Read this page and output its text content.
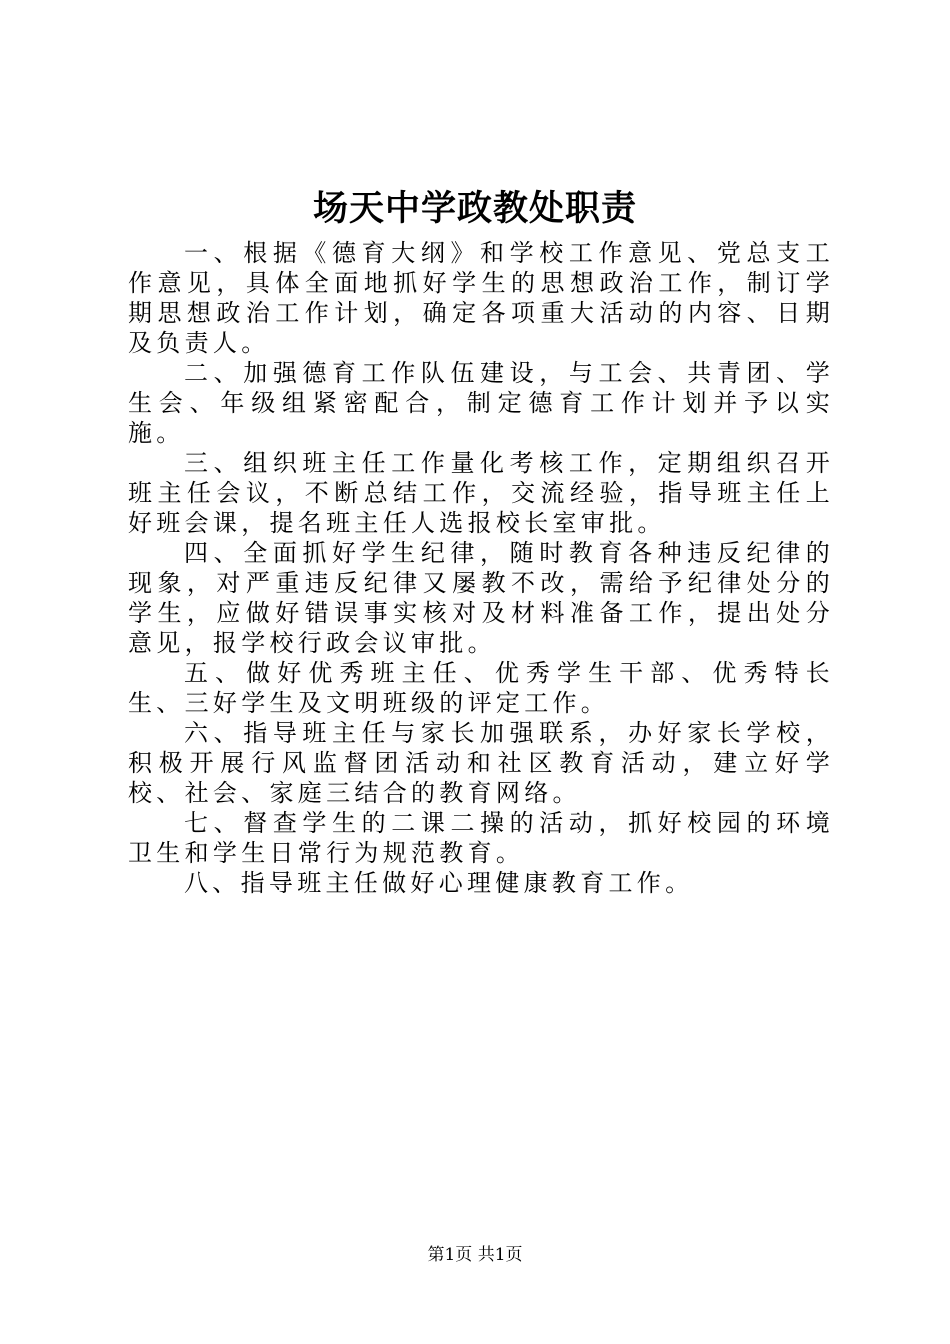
场天中学政教处职责

一、根据《德育大纲》和学校工作意见、党总支工作意见，具体全面地抓好学生的思想政治工作，制订学期思想政治工作计划，确定各项重大活动的内容、日期及负责人。

二、加强德育工作队伍建设，与工会、共青团、学生会、年级组紧密配合，制定德育工作计划并予以实施。

三、组织班主任工作量化考核工作，定期组织召开班主任会议，不断总结工作，交流经验，指导班主任上好班会课，提名班主任人选报校长室审批。

四、全面抓好学生纪律，随时教育各种违反纪律的现象，对严重违反纪律又屡教不改，需给予纪律处分的学生，应做好错误事实核对及材料准备工作，提出处分意见，报学校行政会议审批。

五、做好优秀班主任、优秀学生干部、优秀特长生、三好学生及文明班级的评定工作。

六、指导班主任与家长加强联系，办好家长学校，积极开展行风监督团活动和社区教育活动，建立好学校、社会、家庭三结合的教育网络。

七、督查学生的二课二操的活动，抓好校园的环境卫生和学生日常行为规范教育。

八、指导班主任做好心理健康教育工作。

第1页 共1页
